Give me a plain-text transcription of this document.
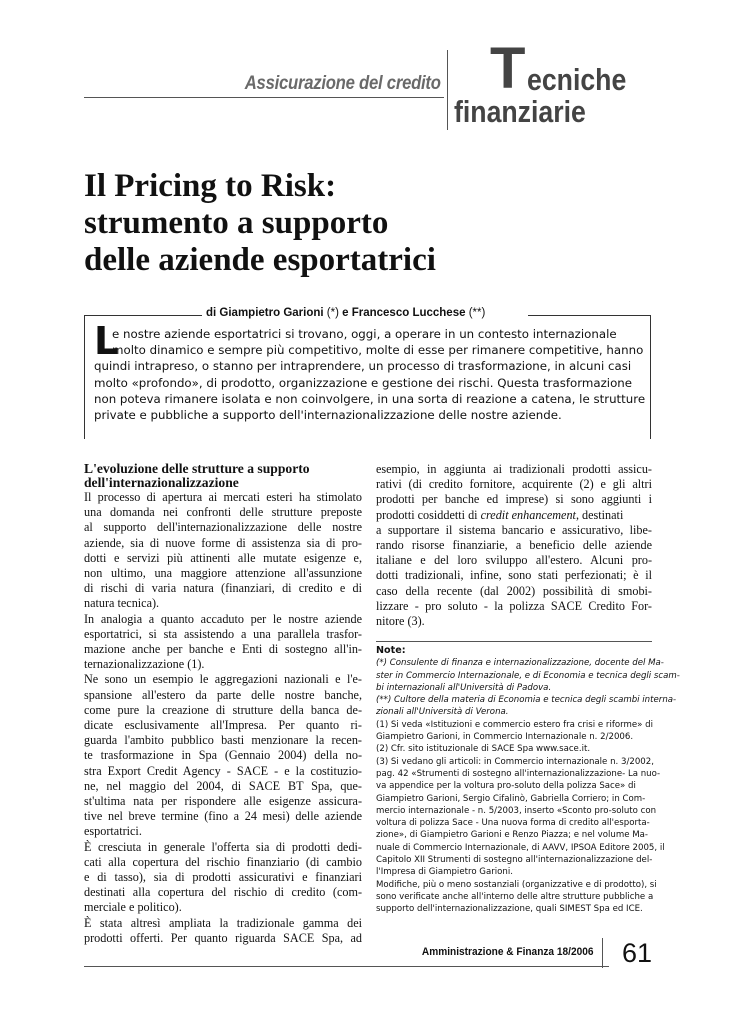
Assicurazione del credito T ecniche
finanziarie
Il Pricing to Risk:
strumento a supporto
delle aziende esportatrici
di Giampietro Garioni (*) e Francesco Lucchese (**)
L
e nostre aziende esportatrici si trovano, oggi, a operare in un contesto internazionale
molto dinamico e sempre più competitivo, molte di esse per rimanere competitive, hanno
quindi intrapreso, o stanno per intraprendere, un processo di trasformazione, in alcuni casi
molto «profondo», di prodotto, organizzazione e gestione dei rischi. Questa trasformazione
non poteva rimanere isolata e non coinvolgere, in una sorta di reazione a catena, le strutture
private e pubbliche a supporto dell'internazionalizzazione delle nostre aziende.
L'evoluzione delle strutture a supporto
dell'internazionalizzazione
Il processo di apertura ai mercati esteri ha stimolato
una domanda nei confronti delle strutture preposte
al supporto dell'internazionalizzazione delle nostre
aziende, sia di nuove forme di assistenza sia di pro-
dotti e servizi più attinenti alle mutate esigenze e,
non ultimo, una maggiore attenzione all'assunzione
di rischi di varia natura (finanziari, di credito e di
natura tecnica).
In analogia a quanto accaduto per le nostre aziende
esportatrici, si sta assistendo a una parallela trasfor-
mazione anche per banche e Enti di sostegno all'in-
ternazionalizzazione (1).
Ne sono un esempio le aggregazioni nazionali e l'e-
spansione all'estero da parte delle nostre banche,
come pure la creazione di strutture della banca de-
dicate esclusivamente all'Impresa. Per quanto ri-
guarda l'ambito pubblico basti menzionare la recen-
te trasformazione in Spa (Gennaio 2004) della no-
stra Export Credit Agency - SACE - e la costituzio-
ne, nel maggio del 2004, di SACE BT Spa, que-
st'ultima nata per rispondere alle esigenze assicura-
tive nel breve termine (fino a 24 mesi) delle aziende
esportatrici.
È cresciuta in generale l'offerta sia di prodotti dedi-
cati alla copertura del rischio finanziario (di cambio
e di tasso), sia di prodotti assicurativi e finanziari
destinati alla copertura del rischio di credito (com-
merciale e politico).
È stata altresì ampliata la tradizionale gamma dei
prodotti offerti. Per quanto riguarda SACE Spa, ad
esempio, in aggiunta ai tradizionali prodotti assicu-
rativi (di credito fornitore, acquirente (2) e gli altri
prodotti per banche ed imprese) si sono aggiunti i
prodotti cosiddetti di credit enhancement, destinati
a supportare il sistema bancario e assicurativo, libe-
rando risorse finanziarie, a beneficio delle aziende
italiane e del loro sviluppo all'estero. Alcuni pro-
dotti tradizionali, infine, sono stati perfezionati; è il
caso della recente (dal 2002) possibilità di smobi-
lizzare - pro soluto - la polizza SACE Credito For-
nitore (3).
Note:
(*) Consulente di finanza e internazionalizzazione, docente del Ma-
ster in Commercio Internazionale, e di Economia e tecnica degli scam-
bi internazionali all'Università di Padova.
(**) Cultore della materia di Economia e tecnica degli scambi interna-
zionali all'Università di Verona.
(1) Si veda «Istituzioni e commercio estero fra crisi e riforme» di
Giampietro Garioni, in Commercio Internazionale n. 2/2006.
(2) Cfr. sito istituzionale di SACE Spa www.sace.it.
(3) Si vedano gli articoli: in Commercio internazionale n. 3/2002,
pag. 42 «Strumenti di sostegno all'internazionalizzazione- La nuo-
va appendice per la voltura pro-soluto della polizza Sace» di
Giampietro Garioni, Sergio Cifalinò, Gabriella Corriero; in Com-
mercio internazionale - n. 5/2003, inserto «Sconto pro-soluto con
voltura di polizza Sace - Una nuova forma di credito all'esporta-
zione», di Giampietro Garioni e Renzo Piazza; e nel volume Ma-
nuale di Commercio Internazionale, di AAVV, IPSOA Editore 2005, il
Capitolo XII Strumenti di sostegno all'internazionalizzazione del-
l'Impresa di Giampietro Garioni.
Modifiche, più o meno sostanziali (organizzative e di prodotto), si
sono verificate anche all'interno delle altre strutture pubbliche a
supporto dell'internazionalizzazione, quali SIMEST Spa ed ICE.
Amministrazione & Finanza 18/2006 61
